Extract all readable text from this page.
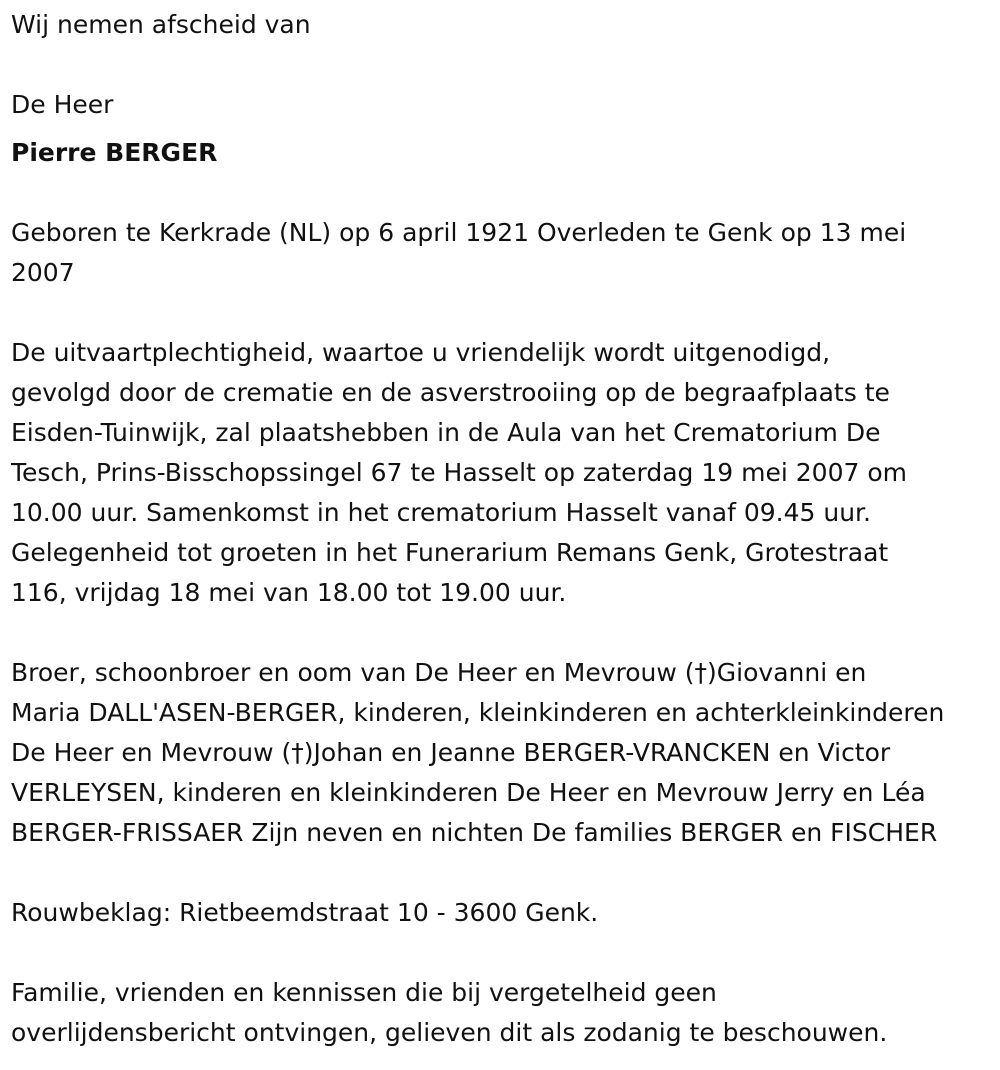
Wij nemen afscheid van
De Heer
Pierre BERGER
Geboren te Kerkrade (NL) op 6 april 1921 Overleden te Genk op 13 mei
2007
De uitvaartplechtigheid, waartoe u vriendelijk wordt uitgenodigd,
gevolgd door de crematie en de asverstrooiing op de begraafplaats te
Eisden-Tuinwijk, zal plaatshebben in de Aula van het Crematorium De
Tesch, Prins-Bisschopssingel 67 te Hasselt op zaterdag 19 mei 2007 om
10.00 uur. Samenkomst in het crematorium Hasselt vanaf 09.45 uur.
Gelegenheid tot groeten in het Funerarium Remans Genk, Grotestraat
116, vrijdag 18 mei van 18.00 tot 19.00 uur.
Broer, schoonbroer en oom van De Heer en Mevrouw (†)Giovanni en
Maria DALL'ASEN-BERGER, kinderen, kleinkinderen en achterkleinkinderen
De Heer en Mevrouw (†)Johan en Jeanne BERGER-VRANCKEN en Victor
VERLEYSEN, kinderen en kleinkinderen De Heer en Mevrouw Jerry en Léa
BERGER-FRISSAER Zijn neven en nichten De families BERGER en FISCHER
Rouwbeklag: Rietbeemdstraat 10 - 3600 Genk.
Familie, vrienden en kennissen die bij vergetelheid geen
overlijdensbericht ontvingen, gelieven dit als zodanig te beschouwen.
